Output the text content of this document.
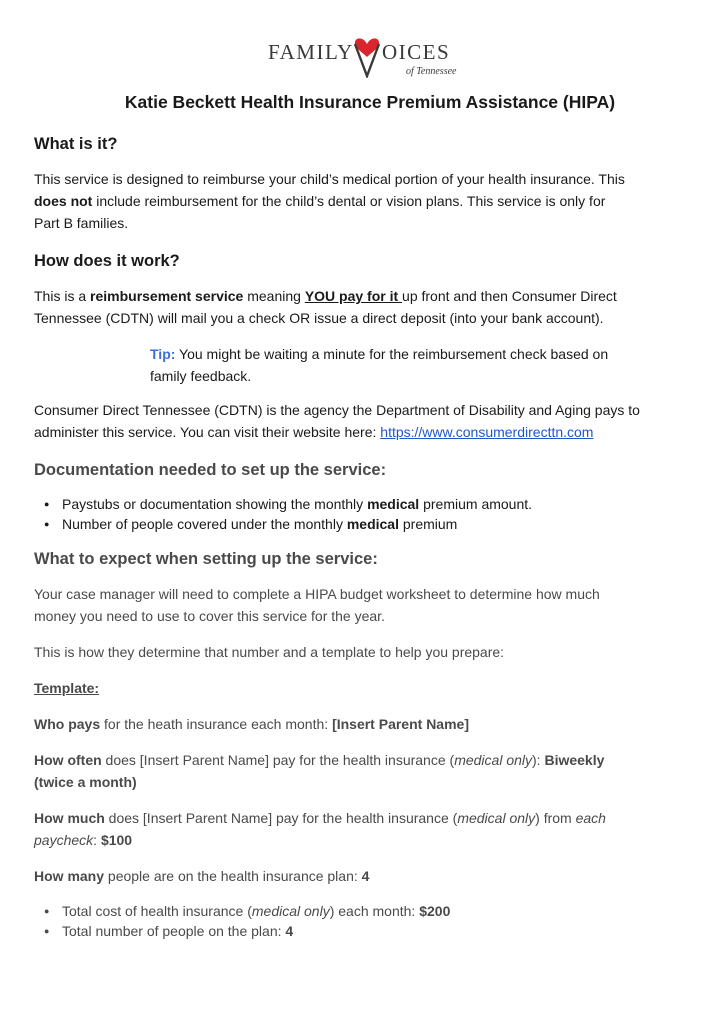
FAMILY OICES
of Tennessee
Katie Beckett Health Insurance Premium Assistance (HIPA)
What is it?

This service is designed to reimburse your child’s medical portion of your health insurance. This

does not include reimbursement for the child’s dental or vision plans. This service is only for

Part B families.

How does it work?

This is a reimbursement service meaning YOU pay for it up front and then Consumer Direct

Tennessee (CDTN) will mail you a check OR issue a direct deposit (into your bank account).

Tip: You might be waiting a minute for the reimbursement check based on

family feedback.

Consumer Direct Tennessee (CDTN) is the agency the Department of Disability and Aging pays to

administer this service. You can visit their website here: https://www.consumerdirecttn.com

Documentation needed to set up the service:
● Paystubs or documentation showing the monthly medical premium amount.
● Number of people covered under the monthly medical premium
What to expect when setting up the service:

Your case manager will need to complete a HIPA budget worksheet to determine how much

money you need to use to cover this service for the year.

This is how they determine that number and a template to help you prepare:

Template:

Who pays for the heath insurance each month: [Insert Parent Name]

How often does [Insert Parent Name] pay for the health insurance (medical only): Biweekly

(twice a month)

How much does [Insert Parent Name] pay for the health insurance (medical only) from each

paycheck: $100

How many people are on the health insurance plan: 4

● Total cost of health insurance (medical only) each month: $200
● Total number of people on the plan: 4
